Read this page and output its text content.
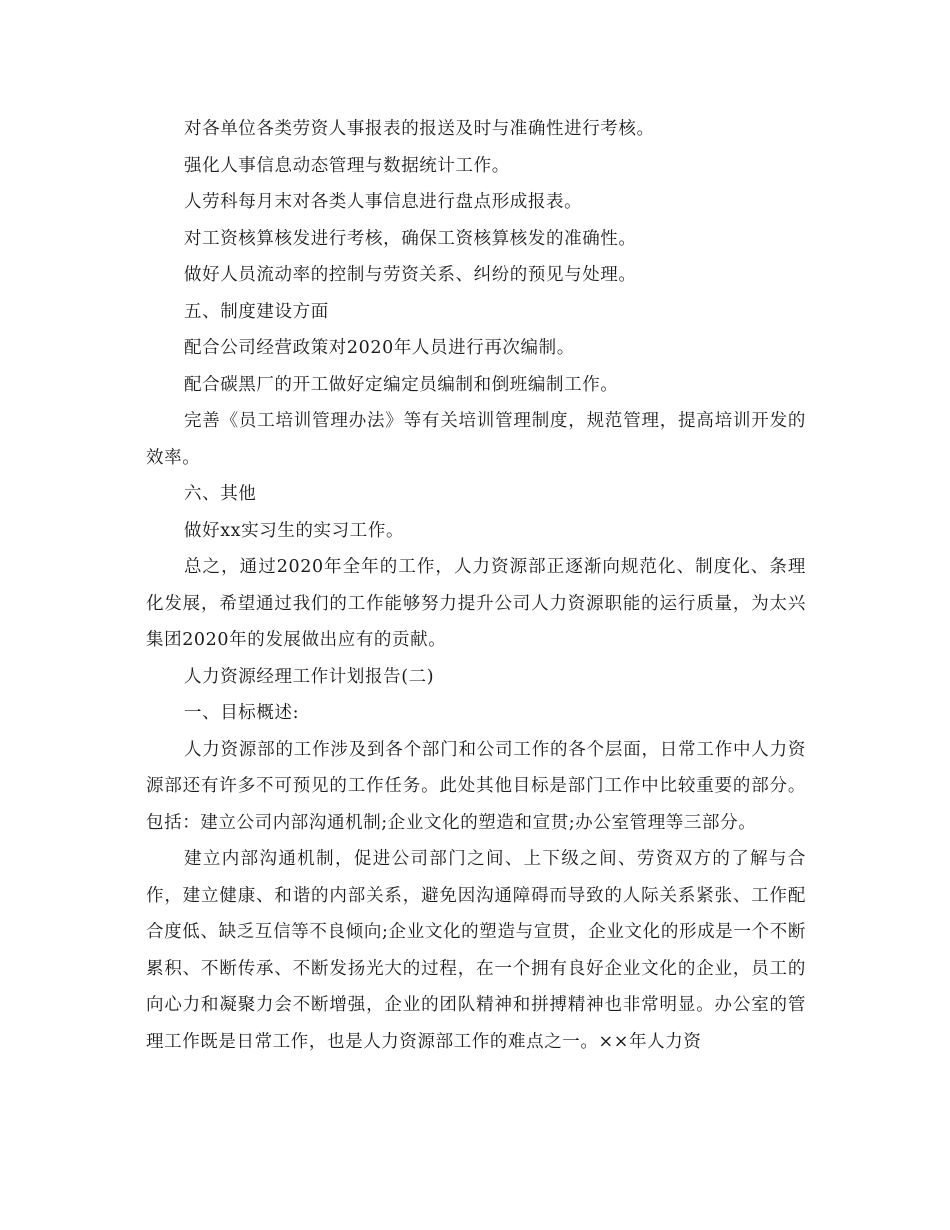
对各单位各类劳资人事报表的报送及时与准确性进行考核。

强化人事信息动态管理与数据统计工作。

人劳科每月末对各类人事信息进行盘点形成报表。

对工资核算核发进行考核，确保工资核算核发的准确性。

做好人员流动率的控制与劳资关系、纠纷的预见与处理。

五、制度建设方面

配合公司经营政策对2020年人员进行再次编制。

配合碳黑厂的开工做好定编定员编制和倒班编制工作。

完善《员工培训管理办法》等有关培训管理制度，规范管理，提高培训开发的效率。

六、其他

做好xx实习生的实习工作。

总之，通过2020年全年的工作，人力资源部正逐渐向规范化、制度化、条理化发展，希望通过我们的工作能够努力提升公司人力资源职能的运行质量，为太兴集团2020年的发展做出应有的贡献。

人力资源经理工作计划报告(二)

一、目标概述:

人力资源部的工作涉及到各个部门和公司工作的各个层面，日常工作中人力资源部还有许多不可预见的工作任务。此处其他目标是部门工作中比较重要的部分。包括：建立公司内部沟通机制;企业文化的塑造和宣贯;办公室管理等三部分。

建立内部沟通机制，促进公司部门之间、上下级之间、劳资双方的了解与合作，建立健康、和谐的内部关系，避免因沟通障碍而导致的人际关系紧张、工作配合度低、缺乏互信等不良倾向;企业文化的塑造与宣贯，企业文化的形成是一个不断累积、不断传承、不断发扬光大的过程，在一个拥有良好企业文化的企业，员工的向心力和凝聚力会不断增强，企业的团队精神和拼搏精神也非常明显。办公室的管理工作既是日常工作，也是人力资源部工作的难点之一。××年人力资
